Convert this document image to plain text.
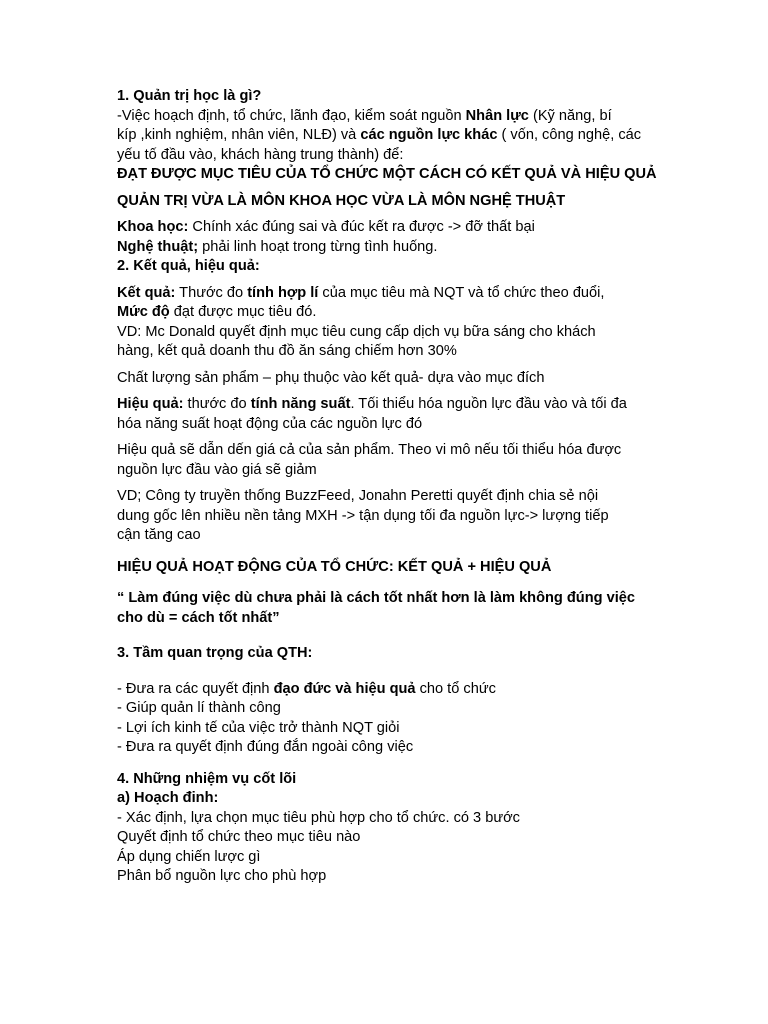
1. Quản trị học là gì?
-Việc hoạch định, tổ chức, lãnh đạo, kiểm soát nguồn Nhân lực (Kỹ năng, bí
kíp ,kinh nghiệm, nhân viên, NLĐ) và các nguồn lực khác ( vốn, công nghệ, các
yếu tố đầu vào, khách hàng trung thành) để:
ĐẠT ĐƯỢC MỤC TIÊU CỦA TỔ CHỨC MỘT CÁCH CÓ KẾT QUẢ VÀ HIỆU QUẢ
QUẢN TRỊ VỪA LÀ MÔN KHOA HỌC VỪA LÀ MÔN NGHỆ THUẬT
Khoa học: Chính xác đúng sai và đúc kết ra được -> đỡ thất bại
Nghệ thuật; phải linh hoạt trong từng tình huống.
2. Kết quả, hiệu quả:
Kết quả: Thước đo tính hợp lí của mục tiêu mà NQT và tổ chức theo đuổi,
Mức độ đạt được mục tiêu đó.
VD: Mc Donald quyết định mục tiêu cung cấp dịch vụ bữa sáng cho khách
hàng, kết quả doanh thu đồ ăn sáng chiếm hơn 30%
Chất lượng sản phẩm – phụ thuộc vào kết quả- dựa vào mục đích
Hiệu quả: thước đo tính năng suất. Tối thiểu hóa nguồn lực đầu vào và tối đa
hóa năng suất hoạt động của các nguồn lực đó
Hiệu quả sẽ dẫn dến giá cả của sản phẩm. Theo vi mô nếu tối thiểu hóa được
nguồn lực đầu vào giá sẽ giảm
VD; Công ty truyền thống BuzzFeed, Jonahn Peretti quyết định chia sẻ nội
dung gốc lên nhiều nền tảng MXH -> tận dụng tối đa nguồn lực-> lượng tiếp
cận tăng cao
HIỆU QUẢ HOẠT ĐỘNG CỦA TỔ CHỨC: KẾT QUẢ + HIỆU QUẢ
“ Làm đúng việc dù chưa phải là cách tốt nhất hơn là làm không đúng việc
cho dù = cách tốt nhất”
3. Tầm quan trọng của QTH:
- Đưa ra các quyết định đạo đức và hiệu quả cho tổ chức
- Giúp quản lí thành công
- Lợi ích kinh tế của việc trở thành NQT giỏi
- Đưa ra quyết định đúng đắn ngoài công việc
4. Những nhiệm vụ cốt lõi
a) Hoạch đinh:
- Xác định, lựa chọn mục tiêu phù hợp cho tổ chức. có 3 bước
Quyết định tổ chức theo mục tiêu nào
Áp dụng chiến lược gì
Phân bổ nguồn lực cho phù hợp
